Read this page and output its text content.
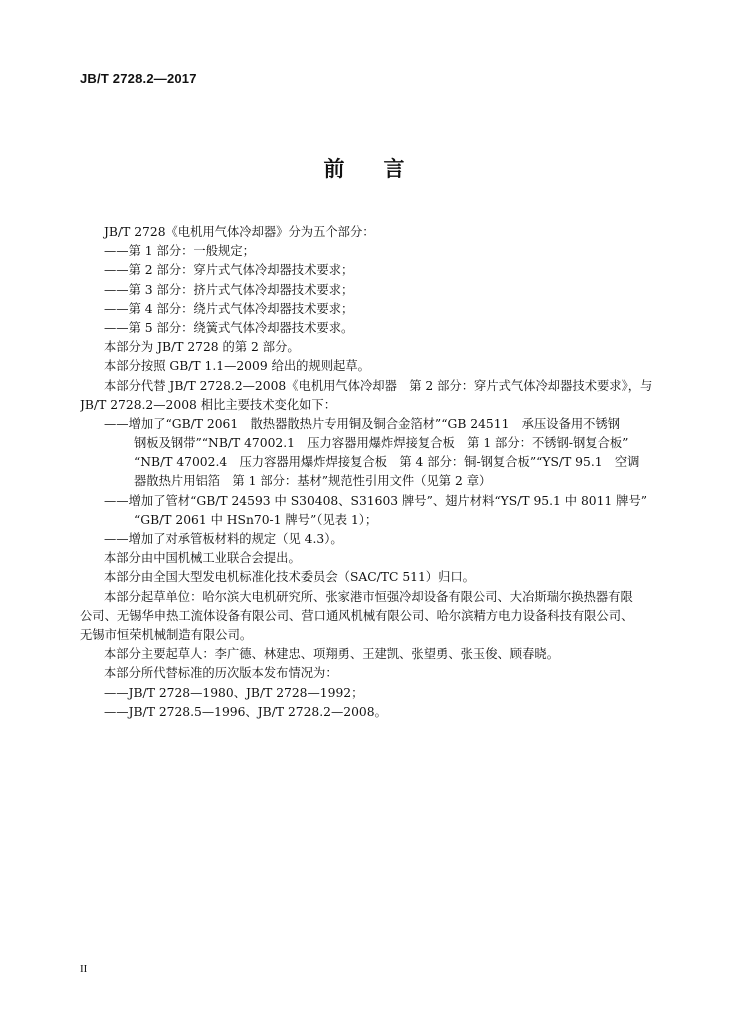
JB/T 2728.2—2017
前 言
JB/T 2728《电机用气体冷却器》分为五个部分：
——第 1 部分：一般规定；
——第 2 部分：穿片式气体冷却器技术要求；
——第 3 部分：挤片式气体冷却器技术要求；
——第 4 部分：绕片式气体冷却器技术要求；
——第 5 部分：绕簧式气体冷却器技术要求。
本部分为 JB/T 2728 的第 2 部分。
本部分按照 GB/T 1.1—2009 给出的规则起草。
本部分代替 JB/T 2728.2—2008《电机用气体冷却器　第 2 部分：穿片式气体冷却器技术要求》，与
JB/T 2728.2—2008 相比主要技术变化如下：
——增加了“GB/T 2061　散热器散热片专用铜及铜合金箔材”“GB 24511　承压设备用不锈钢
钢板及钢带”“NB/T 47002.1　压力容器用爆炸焊接复合板　第 1 部分：不锈钢-钢复合板”
“NB/T 47002.4　压力容器用爆炸焊接复合板　第 4 部分：铜-钢复合板”“YS/T 95.1　空调
器散热片用铝箔　第 1 部分：基材”规范性引用文件（见第 2 章）
——增加了管材“GB/T 24593 中 S30408、S31603 牌号”、翅片材料“YS/T 95.1 中 8011 牌号”
“GB/T 2061 中 HSn70-1 牌号”（见表 1）；
——增加了对承管板材料的规定（见 4.3）。
本部分由中国机械工业联合会提出。
本部分由全国大型发电机标准化技术委员会（SAC/TC 511）归口。
本部分起草单位：哈尔滨大电机研究所、张家港市恒强冷却设备有限公司、大冶斯瑞尔换热器有限
公司、无锡华申热工流体设备有限公司、营口通风机械有限公司、哈尔滨精方电力设备科技有限公司、
无锡市恒荣机械制造有限公司。
本部分主要起草人：李广德、林建忠、项翔勇、王建凯、张望勇、张玉俊、顾春晓。
本部分所代替标准的历次版本发布情况为：
——JB/T 2728—1980、JB/T 2728—1992；
——JB/T 2728.5—1996、JB/T 2728.2—2008。
II
